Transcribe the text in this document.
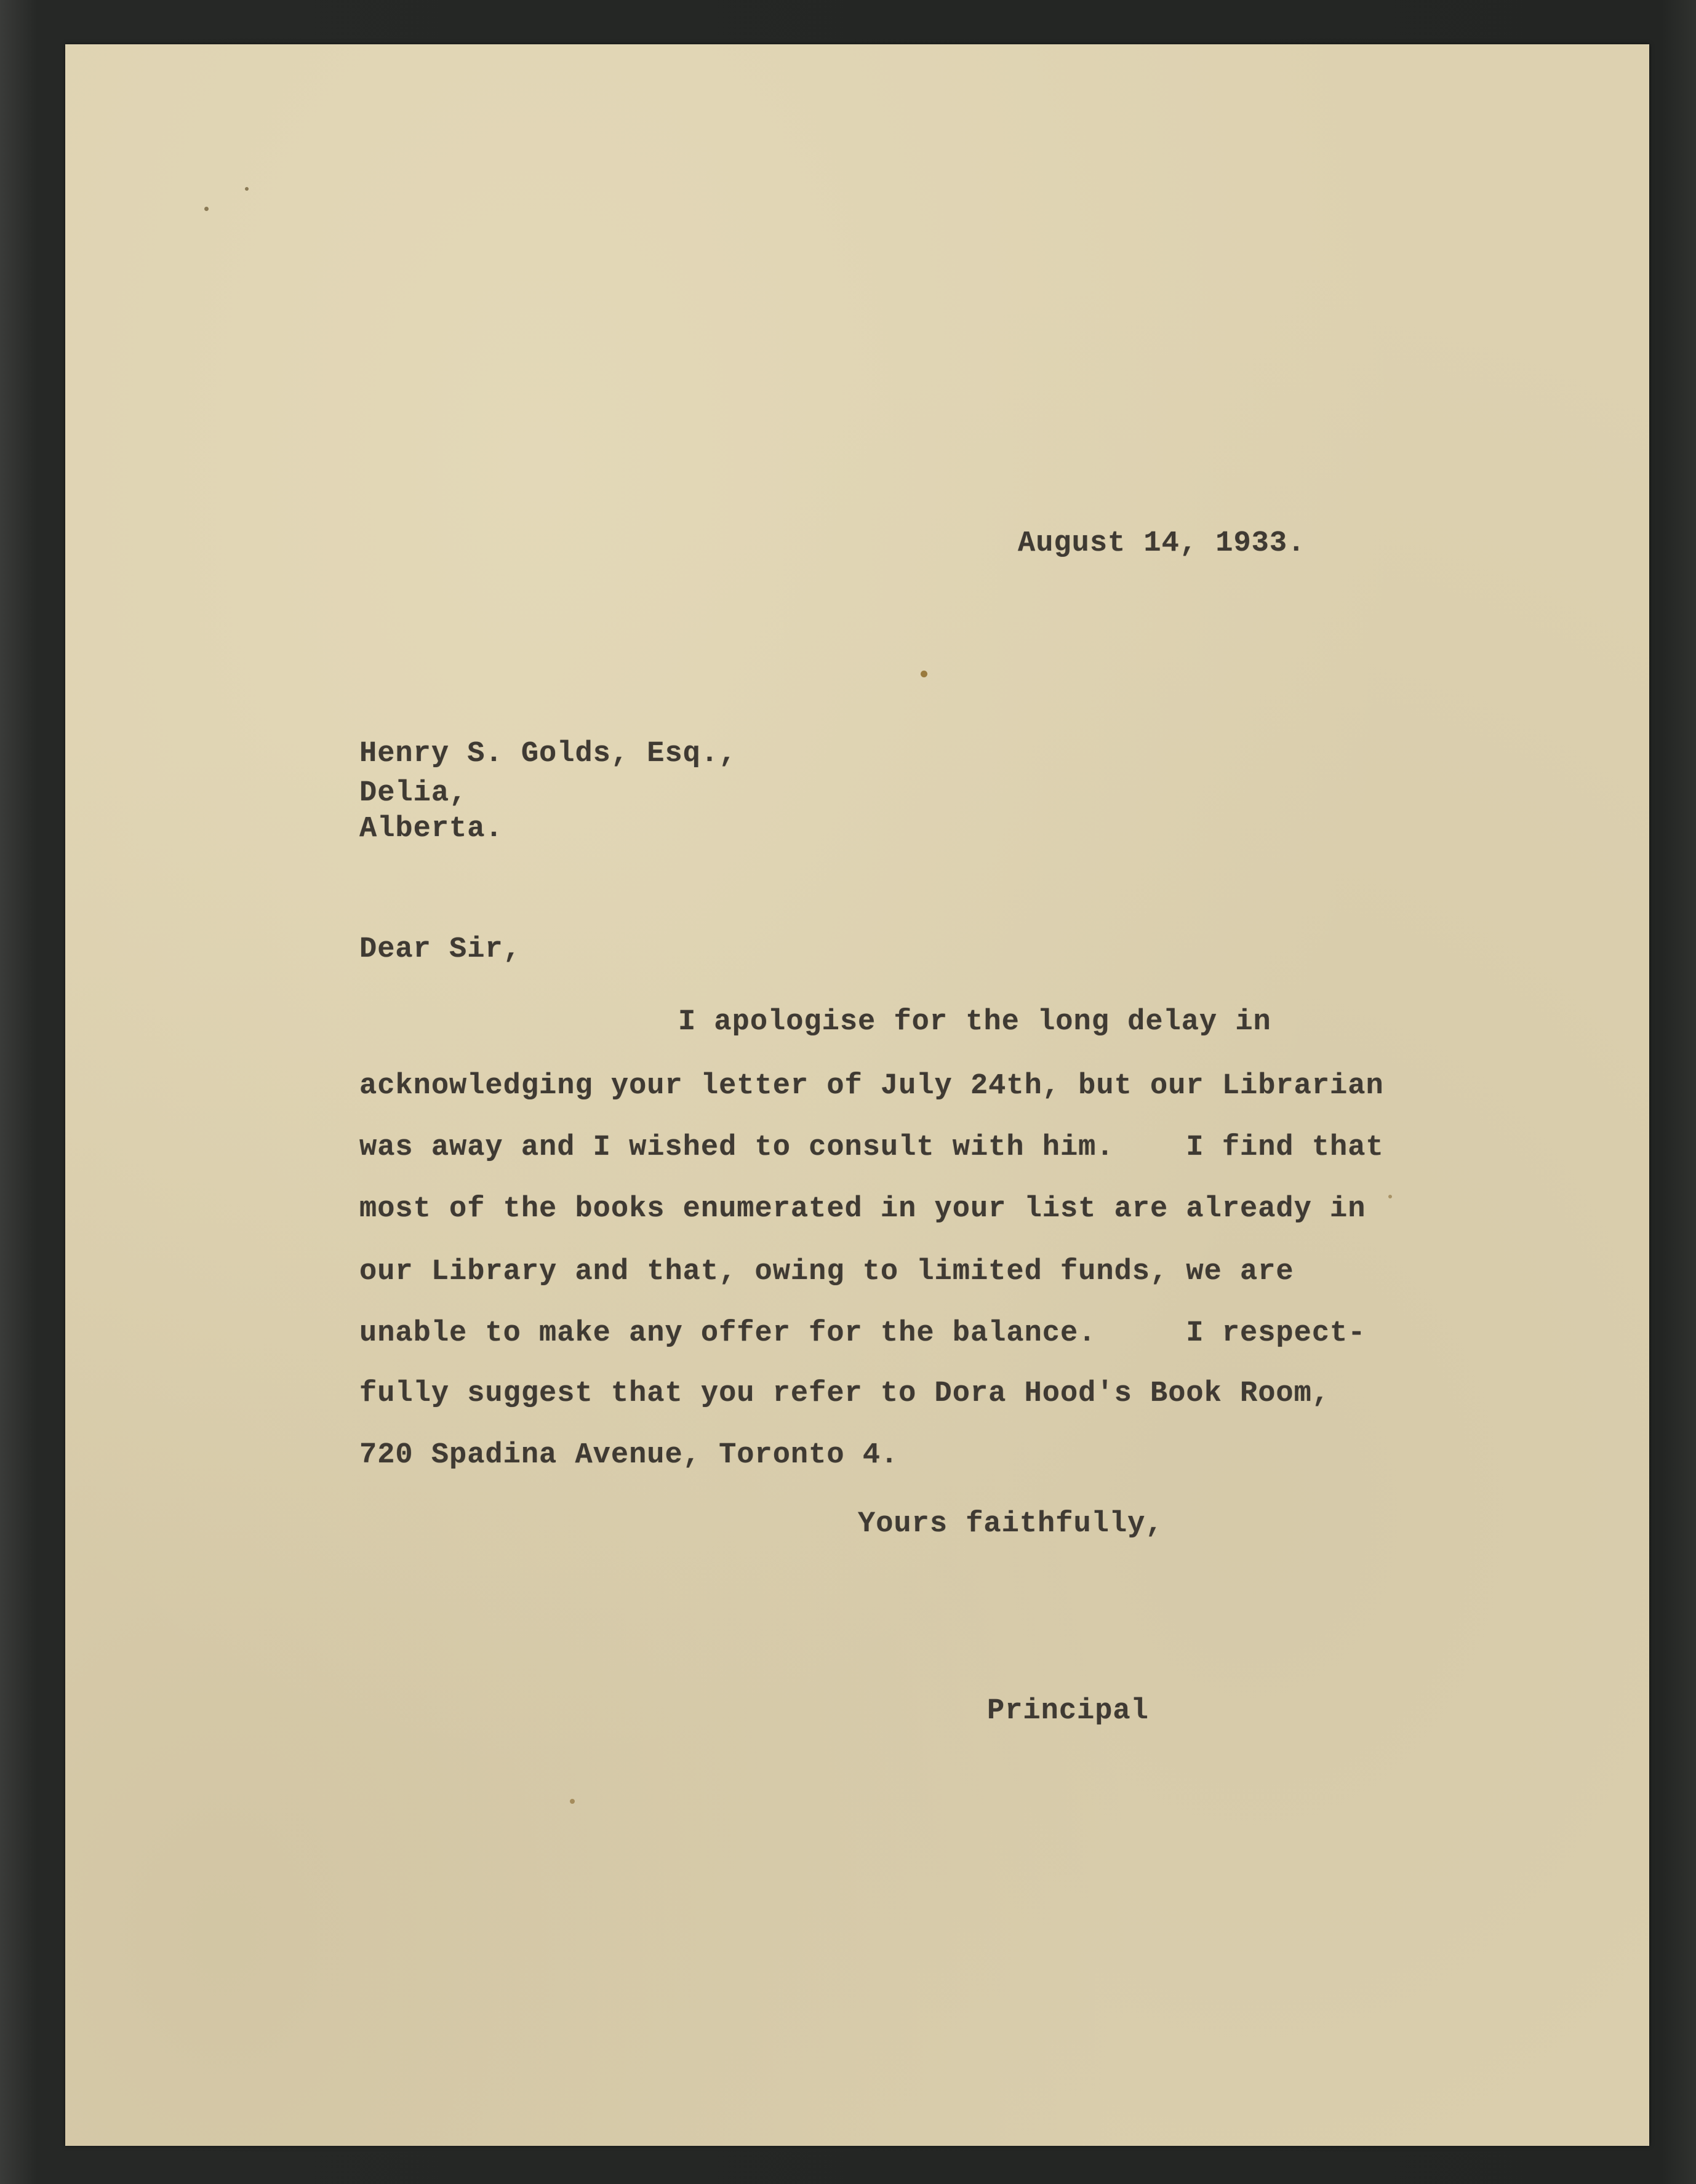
August 14, 1933.
Henry S. Golds, Esq.,
Delia,
Alberta.
Dear Sir,
I apologise for the long delay in
acknowledging your letter of July 24th, but our Librarian
was away and I wished to consult with him.    I find that
most of the books enumerated in your list are already in
our Library and that, owing to limited funds, we are
unable to make any offer for the balance.     I respect-
fully suggest that you refer to Dora Hood's Book Room,
720 Spadina Avenue, Toronto 4.
Yours faithfully,
Principal
